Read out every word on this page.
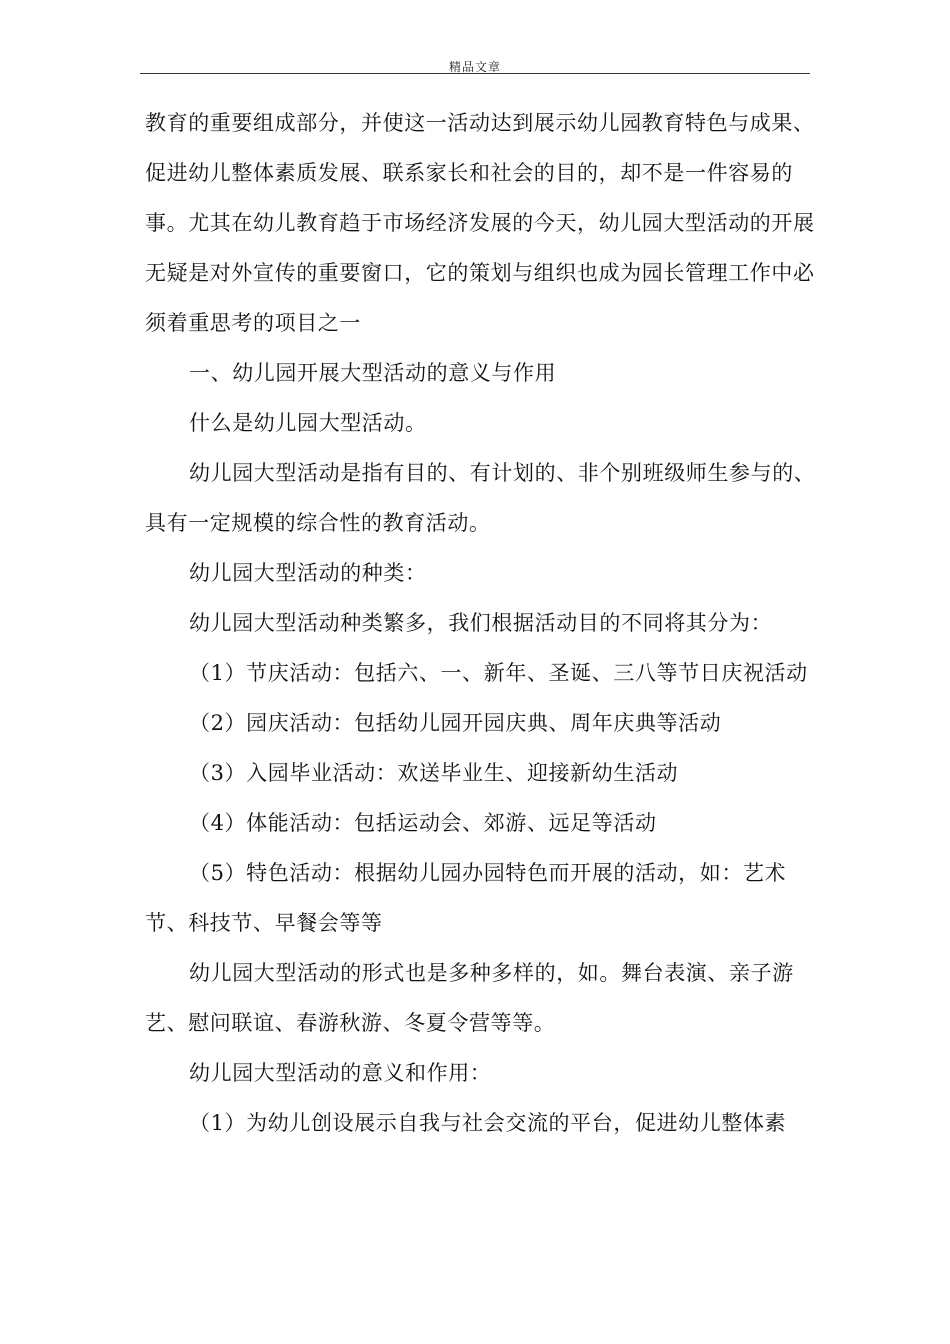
精品文章

教育的重要组成部分，并使这一活动达到展示幼儿园教育特色与成果、促进幼儿整体素质发展、联系家长和社会的目的，却不是一件容易的事。尤其在幼儿教育趋于市场经济发展的今天，幼儿园大型活动的开展无疑是对外宣传的重要窗口，它的策划与组织也成为园长管理工作中必须着重思考的项目之一

一、幼儿园开展大型活动的意义与作用

什么是幼儿园大型活动。

幼儿园大型活动是指有目的、有计划的、非个别班级师生参与的、具有一定规模的综合性的教育活动。

幼儿园大型活动的种类：

幼儿园大型活动种类繁多，我们根据活动目的不同将其分为：

（1）节庆活动：包括六、一、新年、圣诞、三八等节日庆祝活动

（2）园庆活动：包括幼儿园开园庆典、周年庆典等活动

（3）入园毕业活动：欢送毕业生、迎接新幼生活动

（4）体能活动：包括运动会、郊游、远足等活动

（5）特色活动：根据幼儿园办园特色而开展的活动，如：艺术节、科技节、早餐会等等

幼儿园大型活动的形式也是多种多样的，如。舞台表演、亲子游艺、慰问联谊、春游秋游、冬夏令营等等。

幼儿园大型活动的意义和作用：

（1）为幼儿创设展示自我与社会交流的平台，促进幼儿整体素
